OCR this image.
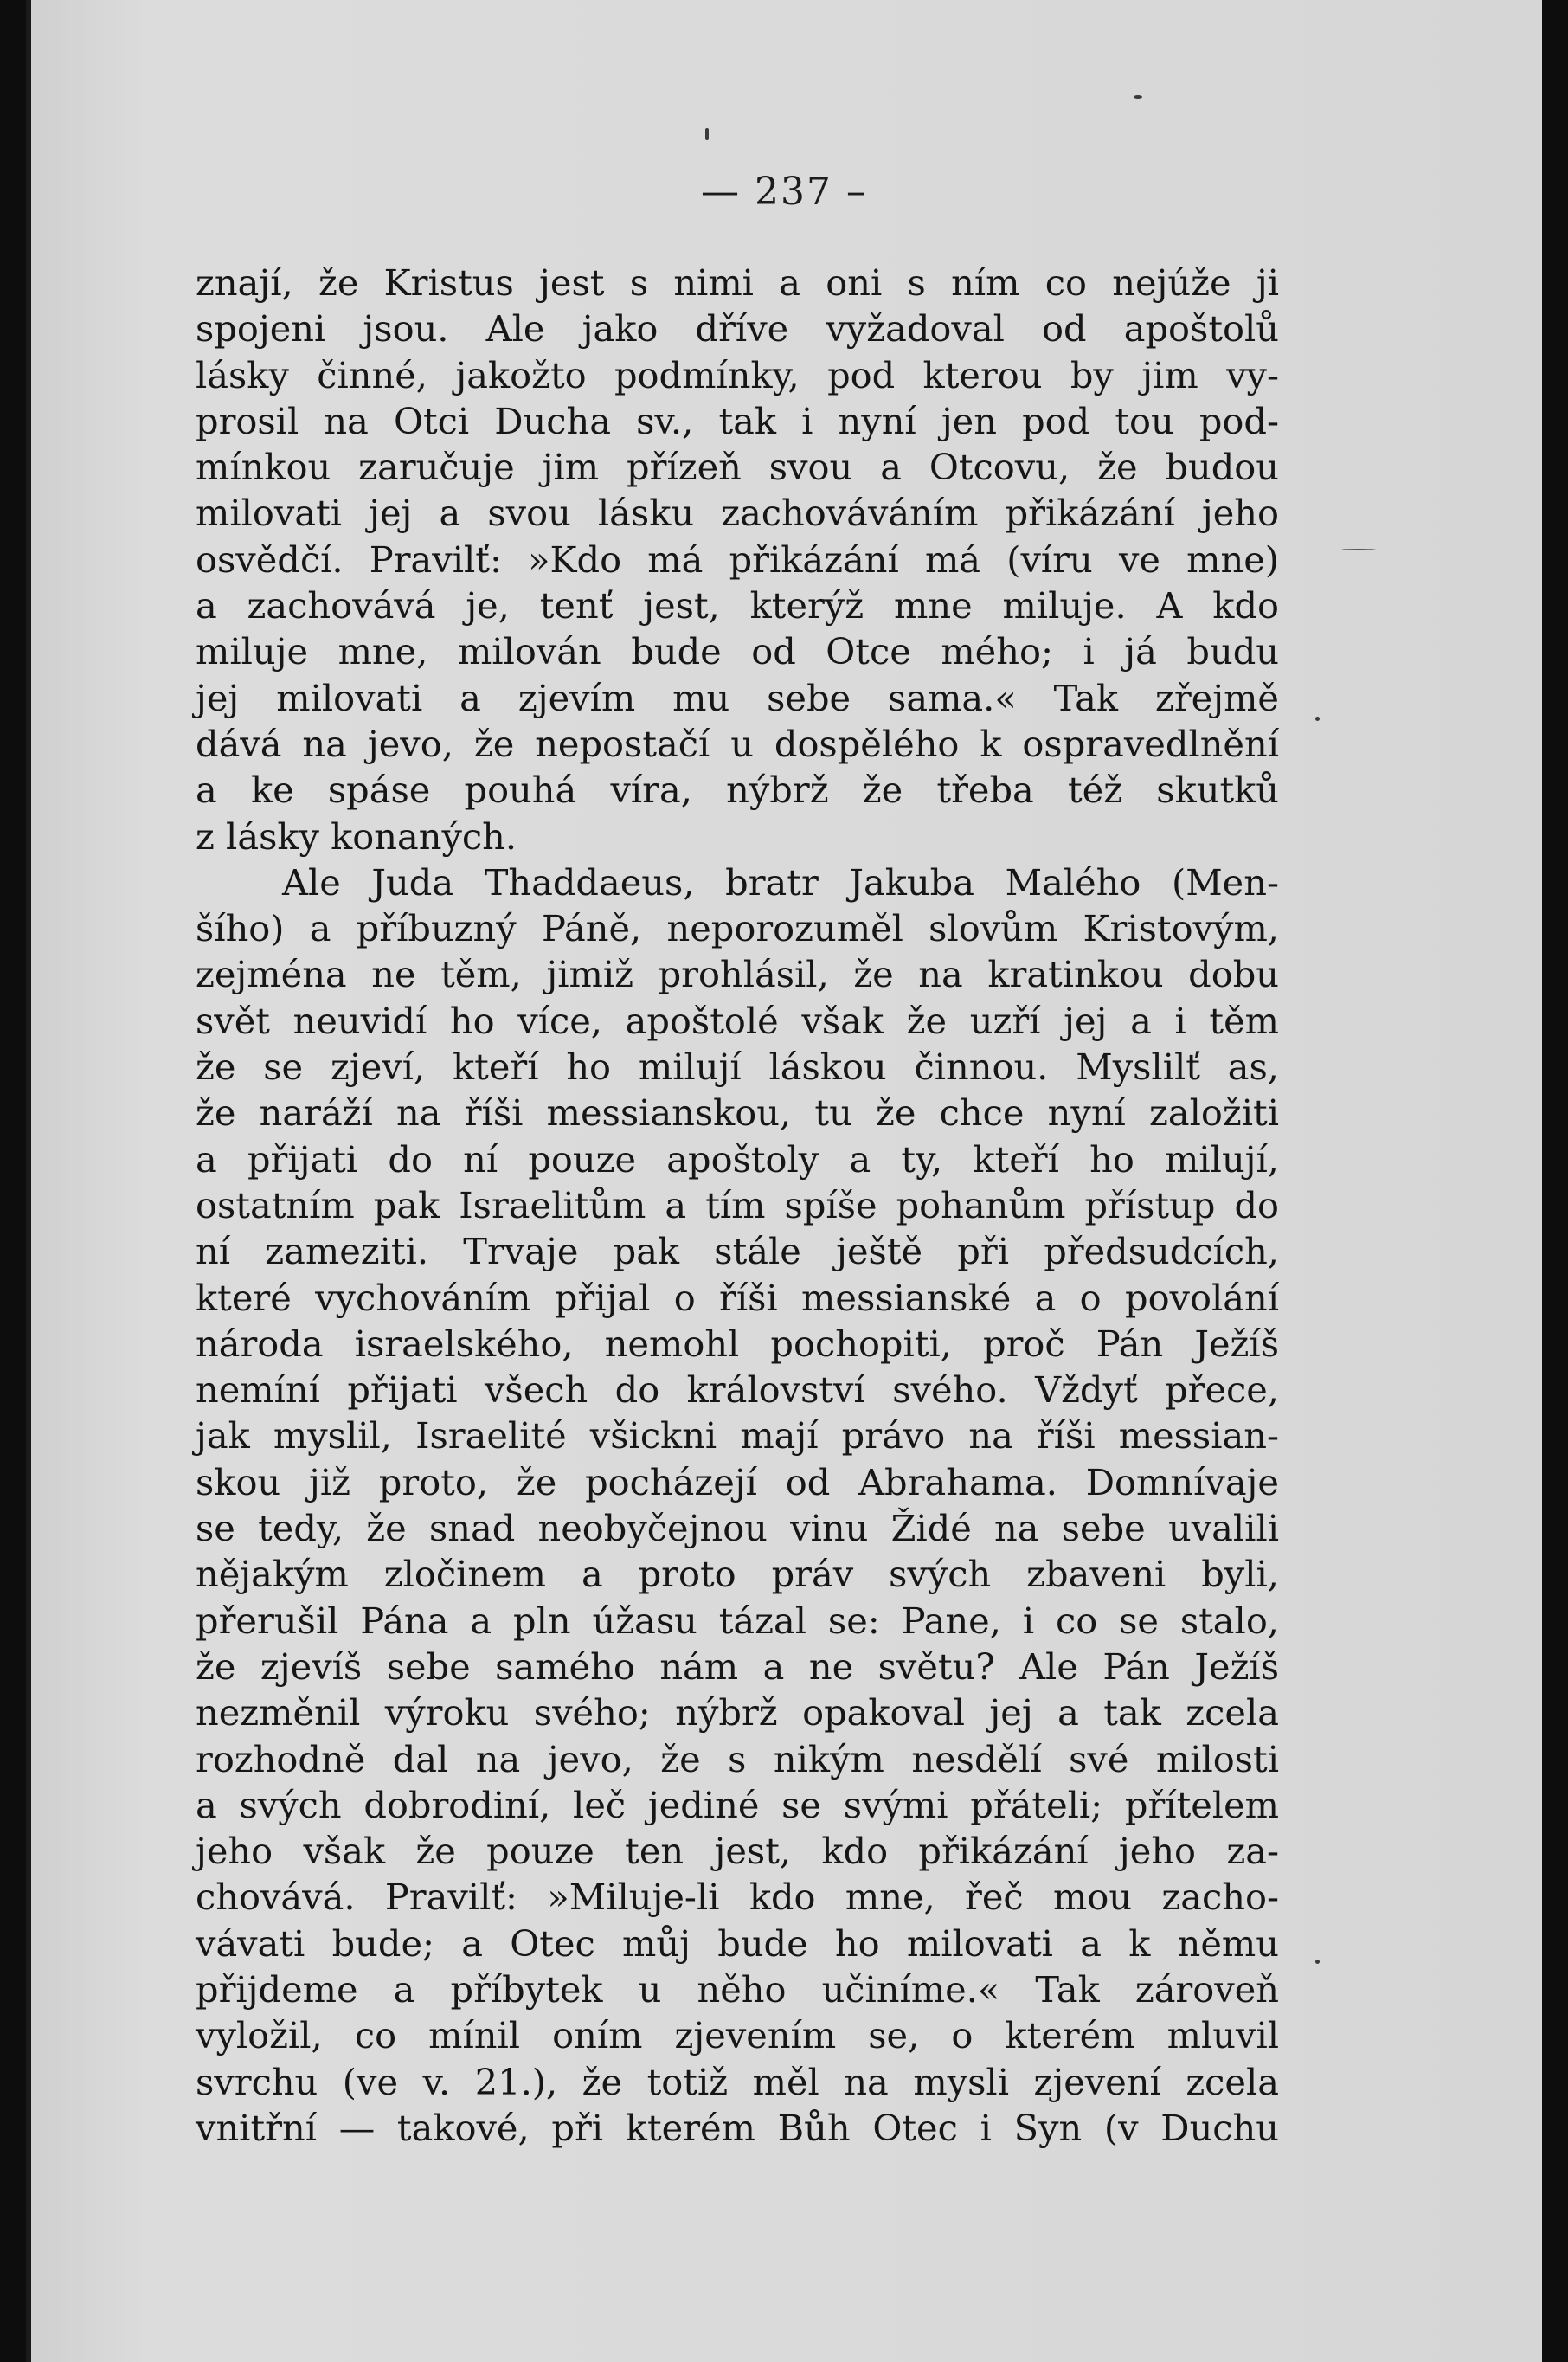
— 237 –
znají, že Kristus jest s nimi a oni s ním co nejúže ji
spojeni jsou. Ale jako dříve vyžadoval od apoštolů
lásky činné, jakožto podmínky, pod kterou by jim vy-
prosil na Otci Ducha sv., tak i nyní jen pod tou pod-
mínkou zaručuje jim přízeň svou a Otcovu, že budou
milovati jej a svou lásku zachováváním přikázání jeho
osvědčí. Pravilť: »Kdo má přikázání má (víru ve mne)
a zachovává je, tenť jest, kterýž mne miluje. A kdo
miluje mne, milován bude od Otce mého; i já budu
jej milovati a zjevím mu sebe sama.« Tak zřejmě
dává na jevo, že nepostačí u dospělého k ospravedlnění
a ke spáse pouhá víra, nýbrž že třeba též skutků
z lásky konaných.
Ale Juda Thaddaeus, bratr Jakuba Malého (Men-
šího) a příbuzný Páně, neporozuměl slovům Kristovým,
zejména ne těm, jimiž prohlásil, že na kratinkou dobu
svět neuvidí ho více, apoštolé však že uzří jej a i těm
že se zjeví, kteří ho milují láskou činnou. Myslilť as,
že naráží na říši messianskou, tu že chce nyní založiti
a přijati do ní pouze apoštoly a ty, kteří ho milují,
ostatním pak Israelitům a tím spíše pohanům přístup do
ní zameziti. Trvaje pak stále ještě při předsudcích,
které vychováním přijal o říši messianské a o povolání
národa israelského, nemohl pochopiti, proč Pán Ježíš
nemíní přijati všech do království svého. Vždyť přece,
jak myslil, Israelité všickni mají právo na říši messian-
skou již proto, že pocházejí od Abrahama. Domnívaje
se tedy, že snad neobyčejnou vinu Židé na sebe uvalili
nějakým zločinem a proto práv svých zbaveni byli,
přerušil Pána a pln úžasu tázal se: Pane, i co se stalo,
že zjevíš sebe samého nám a ne světu? Ale Pán Ježíš
nezměnil výroku svého; nýbrž opakoval jej a tak zcela
rozhodně dal na jevo, že s nikým nesdělí své milosti
a svých dobrodiní, leč jediné se svými přáteli; přítelem
jeho však že pouze ten jest, kdo přikázání jeho za-
chovává. Pravilť: »Miluje-li kdo mne, řeč mou zacho-
vávati bude; a Otec můj bude ho milovati a k němu
přijdeme a příbytek u něho učiníme.« Tak zároveň
vyložil, co mínil oním zjevením se, o kterém mluvil
svrchu (ve v. 21.), že totiž měl na mysli zjevení zcela
vnitřní — takové, při kterém Bůh Otec i Syn (v Duchu
